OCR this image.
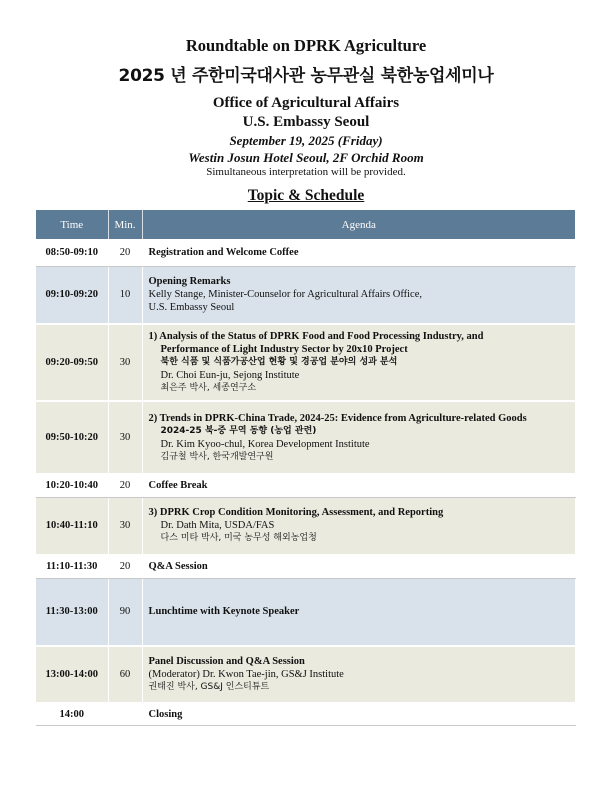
Roundtable on DPRK Agriculture
2025 년 주한미국대사관 농무관실 북한농업세미나
Office of Agricultural Affairs
U.S. Embassy Seoul
September 19, 2025 (Friday)
Westin Josun Hotel Seoul, 2F Orchid Room
Simultaneous interpretation will be provided.
Topic & Schedule
Time	Min.	Agenda
08:50-09:10	20	Registration and Welcome Coffee
09:10-09:20	10	Opening Remarks
Kelly Stange, Minister-Counselor for Agricultural Affairs Office,
U.S. Embassy Seoul

09:20-09:50	30	1) Analysis of the Status of DPRK Food and Food Processing Industry, and
Performance of Light Industry Sector by 20x10 Project
북한 식품 및 식품가공산업 현황 및 경공업 분야의 성과 분석
Dr. Choi Eun-ju, Sejong Institute
최은주 박사, 세종연구소

09:50-10:20	30	2) Trends in DPRK-China Trade, 2024-25: Evidence from Agriculture-related Goods
2024-25 북-중 무역 동향 (농업 관련)
Dr. Kim Kyoo-chul, Korea Development Institute
김규철 박사, 한국개발연구원

10:20-10:40	20	Coffee Break
10:40-11:10	30	3) DPRK Crop Condition Monitoring, Assessment, and Reporting
Dr. Dath Mita, USDA/FAS
다스 미타 박사, 미국 농무성 해외농업청

11:10-11:30	20	Q&A Session
11:30-13:00	90	Lunchtime with Keynote Speaker
13:00-14:00	60	Panel Discussion and Q&A Session
(Moderator) Dr. Kwon Tae-jin, GS&J Institute
권태진 박사, GS&J 인스티튜트

14:00		Closing
